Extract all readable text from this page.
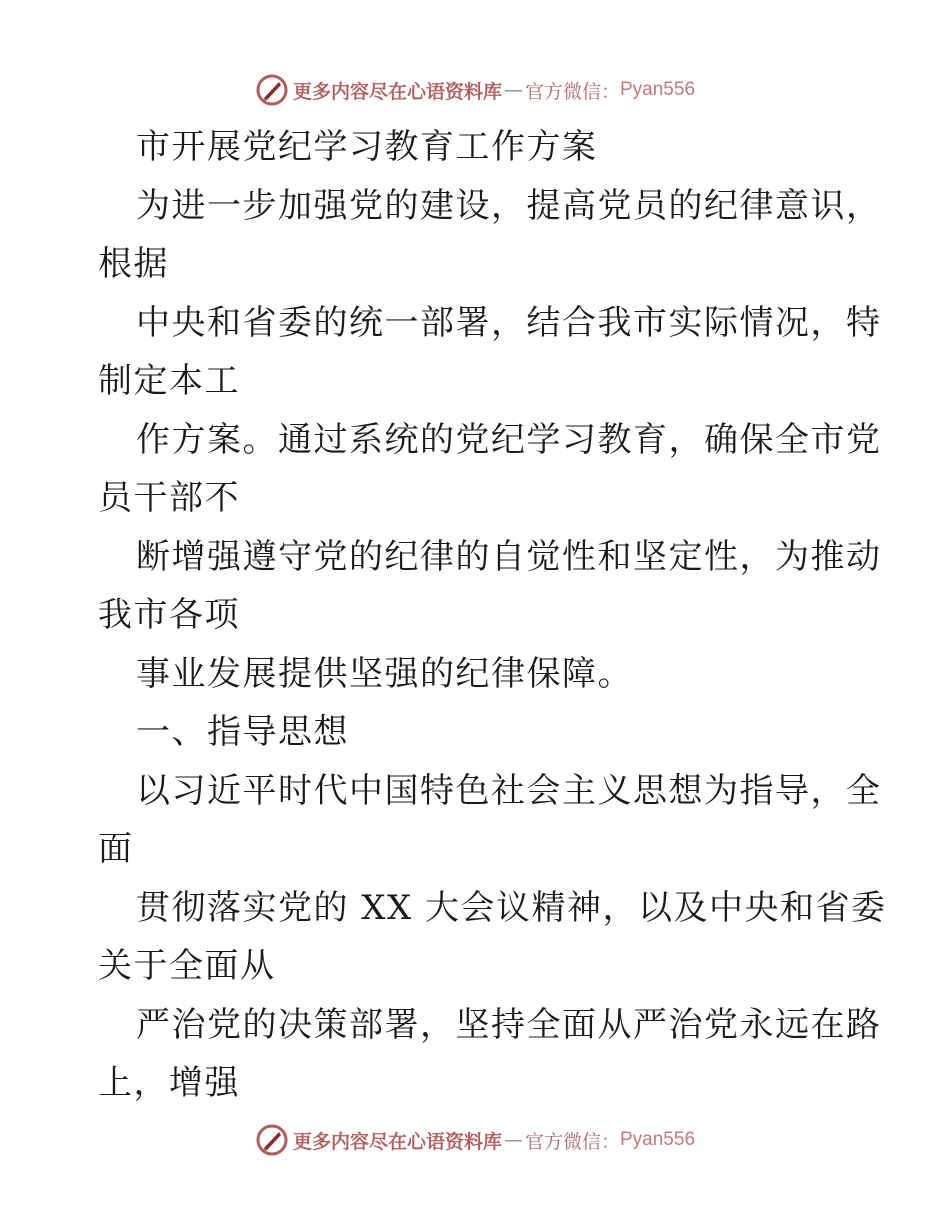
更多内容尽在心语资料库 — 官方微信： Pyan556

市开展党纪学习教育工作方案

为进一步加强党的建设，提高党员的纪律意识，

根据

中央和省委的统一部署，结合我市实际情况，特

制定本工

作方案。通过系统的党纪学习教育，确保全市党

员干部不

断增强遵守党的纪律的自觉性和坚定性，为推动

我市各项

事业发展提供坚强的纪律保障。

一、指导思想

以习近平时代中国特色社会主义思想为指导，全

面

贯彻落实党的 XX 大会议精神，以及中央和省委

关于全面从

严治党的决策部署，坚持全面从严治党永远在路

上，增强

更多内容尽在心语资料库 — 官方微信： Pyan556
